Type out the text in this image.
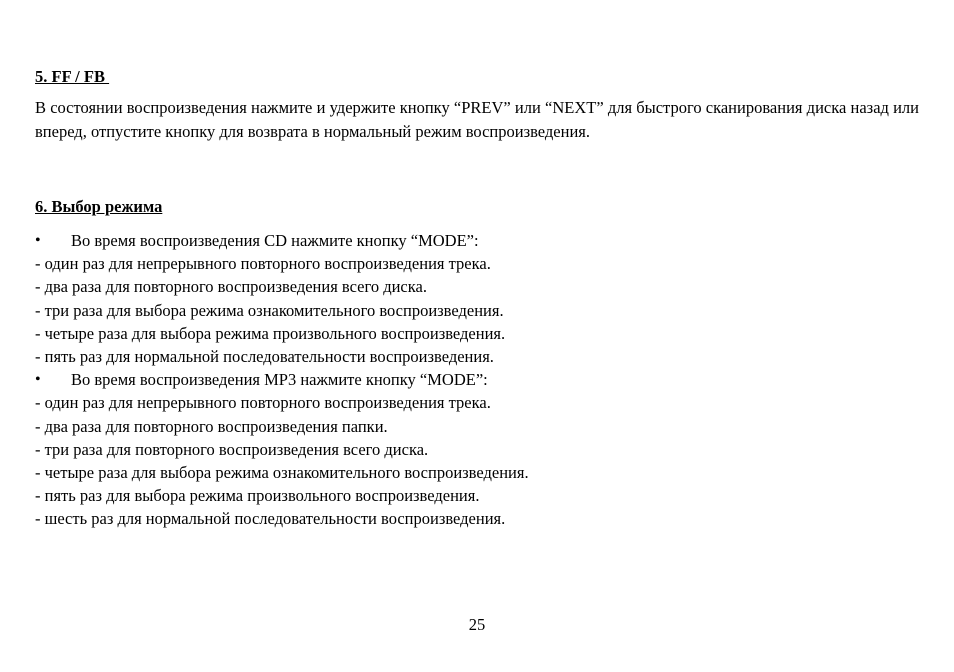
5. FF / FB

В состоянии воспроизведения нажмите и удержите кнопку “PREV” или “NEXT” для быстрого сканирования диска назад или вперед, отпустите кнопку для возврата в нормальный режим воспроизведения.

6. Выбор режима
•	Во время воспроизведения CD нажмите кнопку “MODE”:
- один раз для непрерывного повторного воспроизведения трека.
- два раза для повторного воспроизведения всего диска.
- три раза для выбора режима ознакомительного воспроизведения.
- четыре раза для выбора режима произвольного воспроизведения.
- пять раз для нормальной последовательности воспроизведения.
•	Во время воспроизведения MP3 нажмите кнопку “MODE”:
- один раз для непрерывного повторного воспроизведения трека.
- два раза для повторного воспроизведения папки.
- три раза для повторного воспроизведения всего диска.
- четыре раза для выбора режима ознакомительного воспроизведения.
- пять раз для выбора режима произвольного воспроизведения.
- шесть раз для нормальной последовательности воспроизведения.
25
